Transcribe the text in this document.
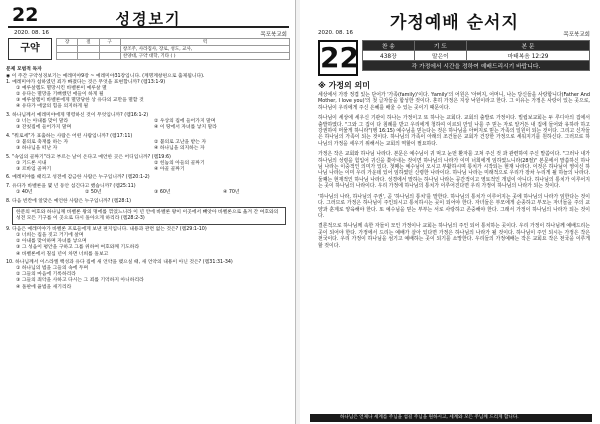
22	성경보기
2020. 08. 16	목포북교회
구약
장	절	구	역
			창조주, 사라집사, 장로, 성도, 교사,
			찬양대, 구약 대학, 기타 ( )
문제 모범적 독자
◉ 이 주간 구약성경보기는 예레미야9장 ~ 예레미야31장입니다. (계명계창편으로 출제됩니다).
1. 예레미야가 섭하였던 죄가 빠졌다는 것은 무엇을 표현합니까? (렘13:1-9)
① 예루살렘도 멸망시킨 바벨론이 예루살 멸
② 유다는 멸망을 기뻐했던 애들이 하게 될
③ 예루살렘이 바벨론에게 멸망당한 상 유다의 교만을 멸할 것
④ 유다가 애굽의 힘을 의지하게 될
3. 하나님께서 예레미야에게 명령하신 것이 무엇입니까? (렘16:1-2)
① 너는 아내를 맞이 말라	② 우상의 집에 들어가지 말며
③ 잔칫집에 들어가지 말며	④ 이 땅에서 자녀를 낳지 말라
4. "뭐로세"가 표출하는 사람은 어떤 사람입니까? (렘17:11)
① 불의로 축재를 하는 자	② 불의로 고난을 받는 자
③ 하나님을 떠난 자	④ 하나님을 의지하는 자
5. "속임의 골짜기"라고 부르는 날이 온다고 예언한 곳은 어디입니까? (렘19:6)
① 기드론 시내	② 힌놈의 아들의 골짜기
③ 르바임 골짜기	④ 아골 골짜기
6. 예레미야를 때리고 성전에 감금한 사람은 누구입니까? (렘20:1-2)
7. 유다가 바벨론을 몇 년 동안 섬긴다고 했습니까? (렘25:11)
① 40년	② 50년	③ 60년	④ 70년
8. 다음 빈칸에 알맞은 예언한 사람은 누구입니까? (렘28:1)
한분의 여호와 하나님께 바벨론 왕의 멍에를 꺾었느니라 이 년 안에 바벨론 왕이 이곳에서 빼앗아 바벨론으로 옮겨 간 여호와의 성전 모든 기구를 이 곳으로 다시 돌아오게 하리라 (렘28:2-3)
9. 다음은 예레미야가 바벨론 포로들에게 보낸 편지입니다. 내용과 관련 없는 것은? (렘29:1-10)
① 너희는 집을 짓고 거기에 살며
② 아내를 맞이하며 자녀를 낳으며
③ 그 성읍이 평안을 구하고 그를 위하여 여호와께 기도하라
④ 바벨론에서 칠십 년이 차면 너희를 돌보고
10. 하나님께서 이스라엘 백성과 유다 집에 새 언약을 맺으실 때, 새 언약의 내용이 아닌 것은? (렘31:31-34)
① 하나님의 법을 그들의 속에 두며
② 그들의 마음에 기록하리라
③ 그들의 죄악을 사하고 다시는 그 죄를 기억하지 아니하리라
④ 돌판에 율법을 새기리라
가정예배 순서지
2020. 08. 16	목포북교회
22	찬 송	기 도	본 문
438장	말은이	마태복음 12:29
각 가정에서 시간을 정하여 예배드리시기 바랍니다.		
※ 가정의 의미

세상에서 가장 정겹 있는 단어가 '가족(family)'이다. 'family'의 어원은 '아버지, 어머니, 나는 당신들을 사랑합니다(Father And Mother, I love you)'의 첫 글자들을 합성한 것이다. 혼히 가정은 지상 낙원이라고 한다. 그 이유는 가정은 사랑이 있는 곳으로, 하나님이 우리에게 주신 은혜를 배울 수 있는 곳이기 때문이다.

하나님이 세상에 세우신 기관이 하나는 가정이고 또 하나는 교회다. 교회의 출발로 가정이다. 빌립보교회는 두 루디아의 집에서 출발하였다. "그와 그 집이 다 침례를 받고 우리에게 청하여 이르되 만일 나를 주 믿는 자로 알거든 내 집에 들어와 유하라 하고 강권하여 머물게 하니라"(행 16:15) 예수님을 믿는다는 것은 하나님을 아버지로 믿는 가족의 일원이 되는 것이다. 그리고 신자들은 하나님의 가족이 되는 것이다. 하나님의 가족이 아래의 조건들은 교회가 건강한 가정으로 세워지기를 원하신다. 그러므로 하나님의 가정을 세우기 위해서는 교회의 역할이 필요하다.

가정은 작은 교회와 하나님 나라다. 본문은 예수님이 귀 먹고 눈먼 환자를 고쳐 주신 것 과 관련하여 주신 말씀이다. "그러나 내가 하나님의 성령을 힘입어 귀신을 쫓아내는 것이면 하나님의 나라가 이미 너희에게 임하였느니라(28절)" 본문에서 말씀하신 하나님 나라는 이중적인 의미가 있다. 첫째는 예수님이 오시고 부활하시며 통치가 시작되는 현재 나라다. 이것은 하나님이 영이신 하나님 나라는 이미 우리 가운데 있어 임하였던 신령한 나라이다. 하나님 나라는 미래적으로 우리가 장차 누리게 될 하늘의 나라다. 둘째는 현재적인 하나님 나라다. 성경에서 말하는 하나님 나라는 공간적이고 영토적인 개념이 아니다. 하나님의 통치가 이루어지는 곳이 하나님의 나라이다. 우리 가정에 하나님의 통치가 이루어진다면 우리 가정이 하나님의 나라가 되는 것이다.

'하나님의 나라, 하나님의 주권', 곧 '하나님의 통치'를 말한다. 하나님의 통치가 이루어지는 곳에 하나님의 나라가 임한다는 것이다. 그러므로 가정은 하나님이 주인되시고 통치하시는 곳이 되어야 한다. 자녀들은 부모에게 순종하고 부모는 자녀들을 주의 교양과 훈계로 양육해야 한다. 또 예수님을 믿는 부부는 서로 사랑하고 존중해야 한다. 그래서 가정이 하나님의 나라가 되는 것이다.

결론적으로 하나님께 속한 자들이 모인 가정이나 교회는 하나님의 주인 되어 통치하는 곳이다. 우리 가정이 하나님께 예배드리는 곳이 되어야 한다. 가정에서 드리는 예배가 살아 있다면 가정은 하나님의 나라가 될 것이다. 하나님이 주인 되시는 가정은 작은 천국이다. 우리 가정이 하나님을 섬기고 예배하는 곳이 되기를 소망한다. 우리들의 가정예배는 작은 교회요 작은 천국을 이루게 할 것이다.

하나님은 언제나 세계를 주님을 섬길 주님을 원하시고, 세계와 모든 주님께 드리게 합니다.
